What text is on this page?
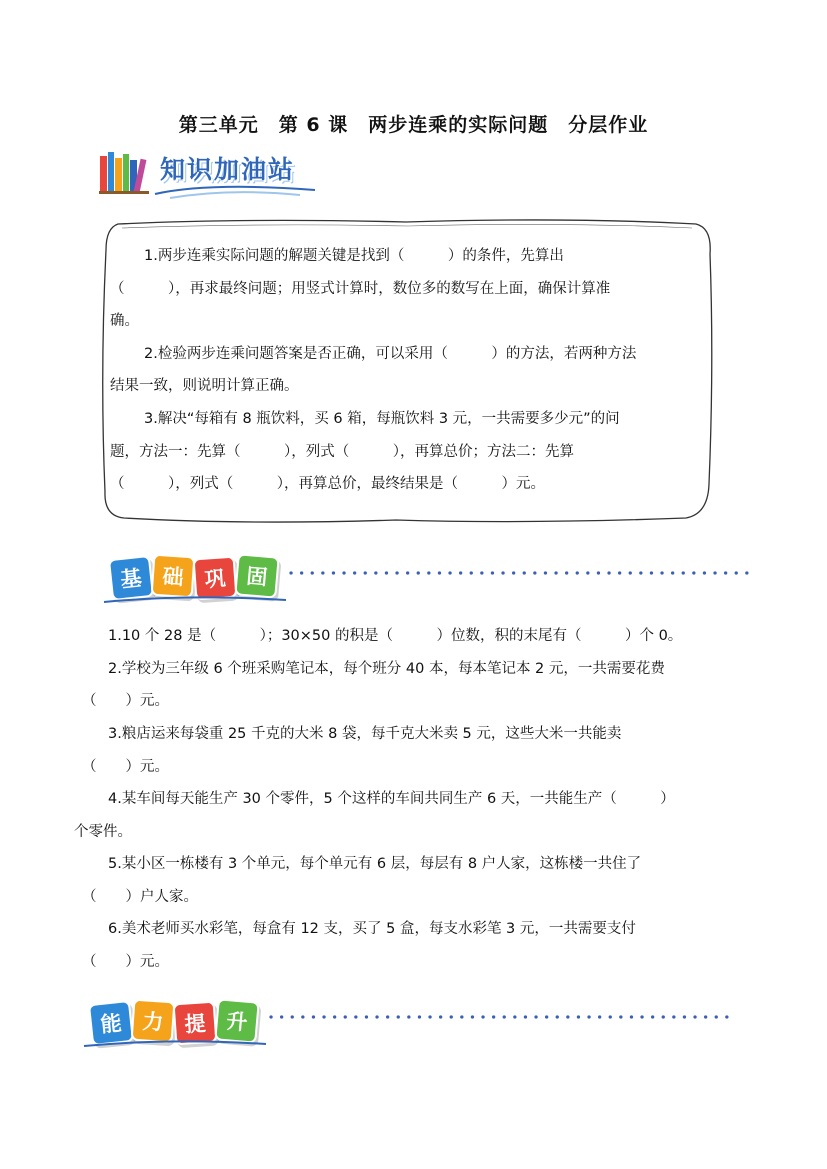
第三单元　第 6 课　两步连乘的实际问题　分层作业
知识加油站
1.两步连乘实际问题的解题关键是找到（　　　）的条件，先算出
（　　　），再求最终问题；用竖式计算时，数位多的数写在上面，确保计算准
确。
2.检验两步连乘问题答案是否正确，可以采用（　　　）的方法，若两种方法
结果一致，则说明计算正确。
3.解决“每箱有 8 瓶饮料，买 6 箱，每瓶饮料 3 元，一共需要多少元”的问
题，方法一：先算（　　　），列式（　　　），再算总价；方法二：先算
（　　　），列式（　　　），再算总价，最终结果是（　　　）元。
基 础 巩 固
1.10 个 28 是（　　　）；30×50 的积是（　　　）位数，积的末尾有（　　　）个 0。
2.学校为三年级 6 个班采购笔记本，每个班分 40 本，每本笔记本 2 元，一共需要花费
（　　）元。
3.粮店运来每袋重 25 千克的大米 8 袋，每千克大米卖 5 元，这些大米一共能卖
（　　）元。
4.某车间每天能生产 30 个零件，5 个这样的车间共同生产 6 天，一共能生产（　　　）
个零件。
5.某小区一栋楼有 3 个单元，每个单元有 6 层，每层有 8 户人家，这栋楼一共住了
（　　）户人家。
6.美术老师买水彩笔，每盒有 12 支，买了 5 盒，每支水彩笔 3 元，一共需要支付
（　　）元。
能 力 提 升
